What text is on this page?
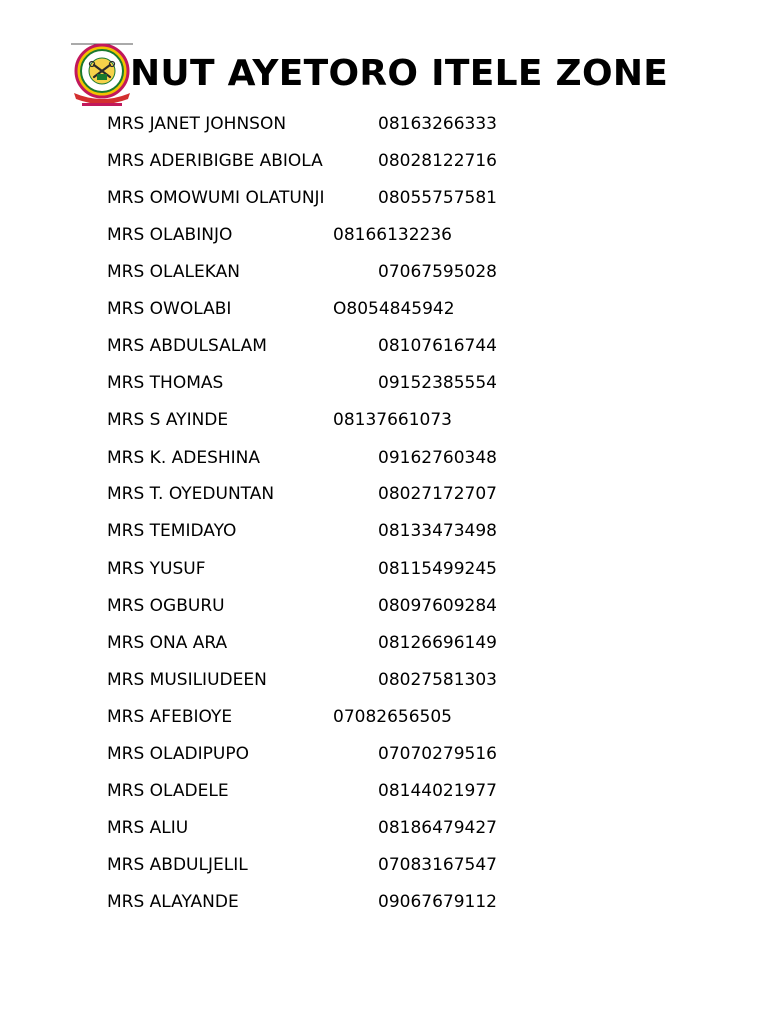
NUT AYETORO ITELE ZONE
MRS JANET JOHNSON	08163266333
MRS ADERIBIGBE ABIOLA	08028122716
MRS OMOWUMI OLATUNJI	08055757581
MRS OLABINJO	08166132236
MRS OLALEKAN	07067595028
MRS OWOLABI	O8054845942
MRS ABDULSALAM	08107616744
MRS THOMAS	09152385554
MRS S AYINDE	08137661073
MRS K. ADESHINA	09162760348
MRS T. OYEDUNTAN	08027172707
MRS TEMIDAYO	08133473498
MRS YUSUF	08115499245
MRS OGBURU	08097609284
MRS ONA ARA	08126696149
MRS MUSILIUDEEN	08027581303
MRS AFEBIOYE	07082656505
MRS OLADIPUPO	07070279516
MRS OLADELE	08144021977
MRS ALIU	08186479427
MRS ABDULJELIL	07083167547
MRS ALAYANDE	09067679112
